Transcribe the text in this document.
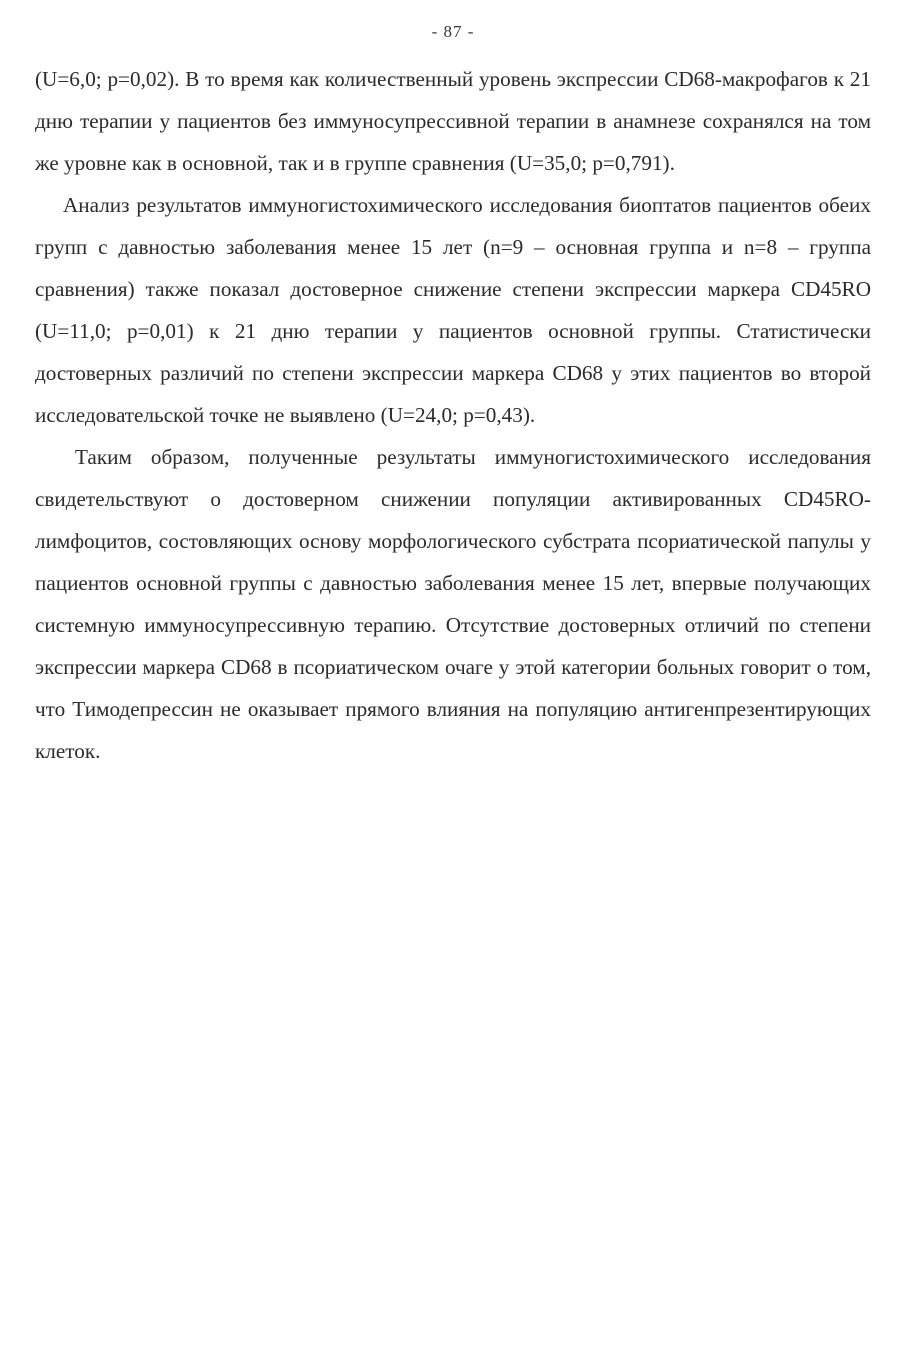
- 87 -

(U=6,0; p=0,02). В то время как количественный уровень экспрессии CD68-макрофагов к 21 дню терапии у пациентов без иммуносупрессивной терапии в анамнезе сохранялся на том же уровне как в основной, так и в группе сравнения (U=35,0; p=0,791).

Анализ результатов иммуногистохимического исследования биоптатов пациентов обеих групп с давностью заболевания менее 15 лет (n=9 – основная группа и n=8 – группа сравнения) также показал достоверное снижение степени экспрессии маркера CD45RO (U=11,0; p=0,01) к 21 дню терапии у пациентов основной группы. Статистически достоверных различий по степени экспрессии маркера CD68 у этих пациентов во второй исследовательской точке не выявлено (U=24,0; p=0,43).

Таким образом, полученные результаты иммуногистохимического исследования свидетельствуют о достоверном снижении популяции активированных CD45RO-лимфоцитов, состовляющих основу морфологического субстрата псориатической папулы у пациентов основной группы с давностью заболевания менее 15 лет, впервые получающих системную иммуносупрессивную терапию. Отсутствие достоверных отличий по степени экспрессии маркера CD68 в псориатическом очаге у этой категории больных говорит о том, что Тимодепрессин не оказывает прямого влияния на популяцию антигенпрезентирующих клеток.
